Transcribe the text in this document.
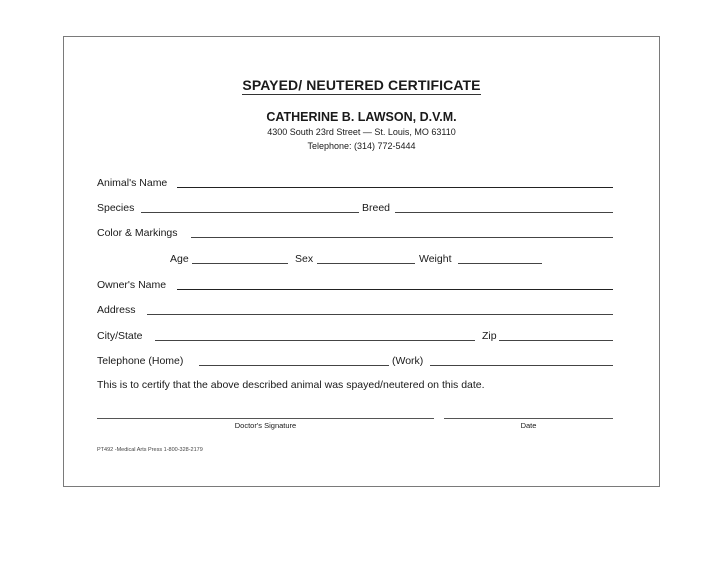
SPAYED/ NEUTERED CERTIFICATE
CATHERINE B. LAWSON, D.V.M.
4300 South 23rd Street — St. Louis, MO 63110
Telephone: (314) 772-5444
Animal's Name
Species	Breed
Color & Markings
Age	Sex	Weight
Owner's Name
Address
City/State	Zip
Telephone (Home)	(Work)
This is to certify that the above described animal was spayed/neutered on this date.
Doctor's Signature	Date
PT492 -Medical Arts Press 1-800-328-2179
